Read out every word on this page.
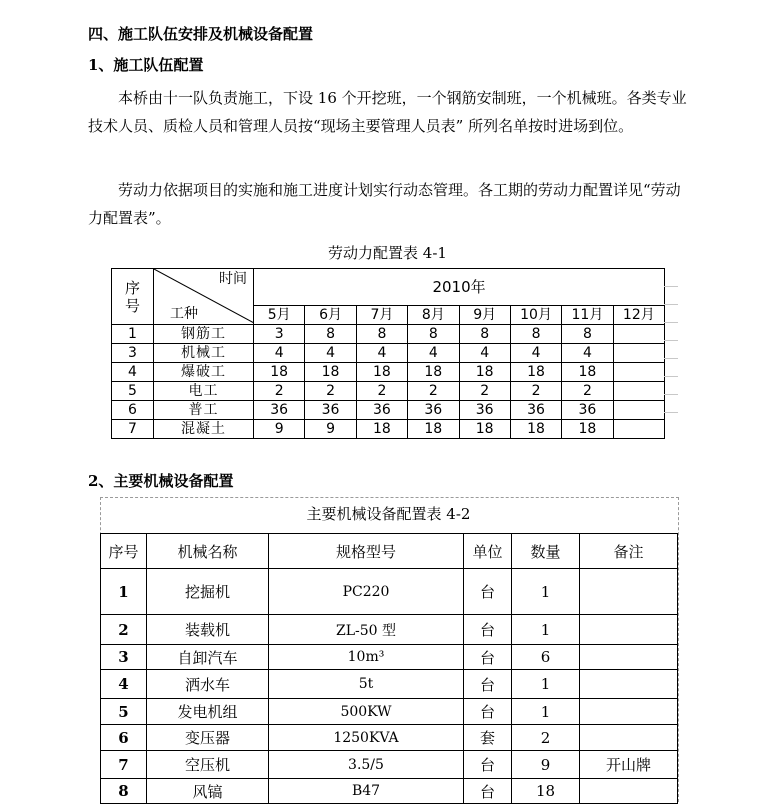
四、施工队伍安排及机械设备配置
1、施工队伍配置
本桥由十一队负责施工，下设 16 个开挖班，一个钢筋安制班，一个机械班。各类专业技术人员、质检人员和管理人员按“现场主要管理人员表” 所列名单按时进场到位。
劳动力依据项目的实施和施工进度计划实行动态管理。各工期的劳动力配置详见“劳动力配置表”。
劳动力配置表 4-1
序号	时间
工种	2010年							
		5月	6月	7月	8月	9月	10月	11月	12月
1	钢筋工	3	8	8	8	8	8	8	
3	机械工	4	4	4	4	4	4	4	
4	爆破工	18	18	18	18	18	18	18	
5	电工	2	2	2	2	2	2	2	
6	普工	36	36	36	36	36	36	36	
7	混凝土	9	9	18	18	18	18	18	
2、主要机械设备配置
主要机械设备配置表 4-2
序号	机械名称	规格型号	单位	数量	备注
1	挖掘机	PC220	台	1	
2	装载机	ZL-50 型	台	1	
3	自卸汽车	10m³	台	6	
4	洒水车	5t	台	1	
5	发电机组	500KW	台	1	
6	变压器	1250KVA	套	2	
7	空压机	3.5/5	台	9	开山牌
8	风镐	B47	台	18	
